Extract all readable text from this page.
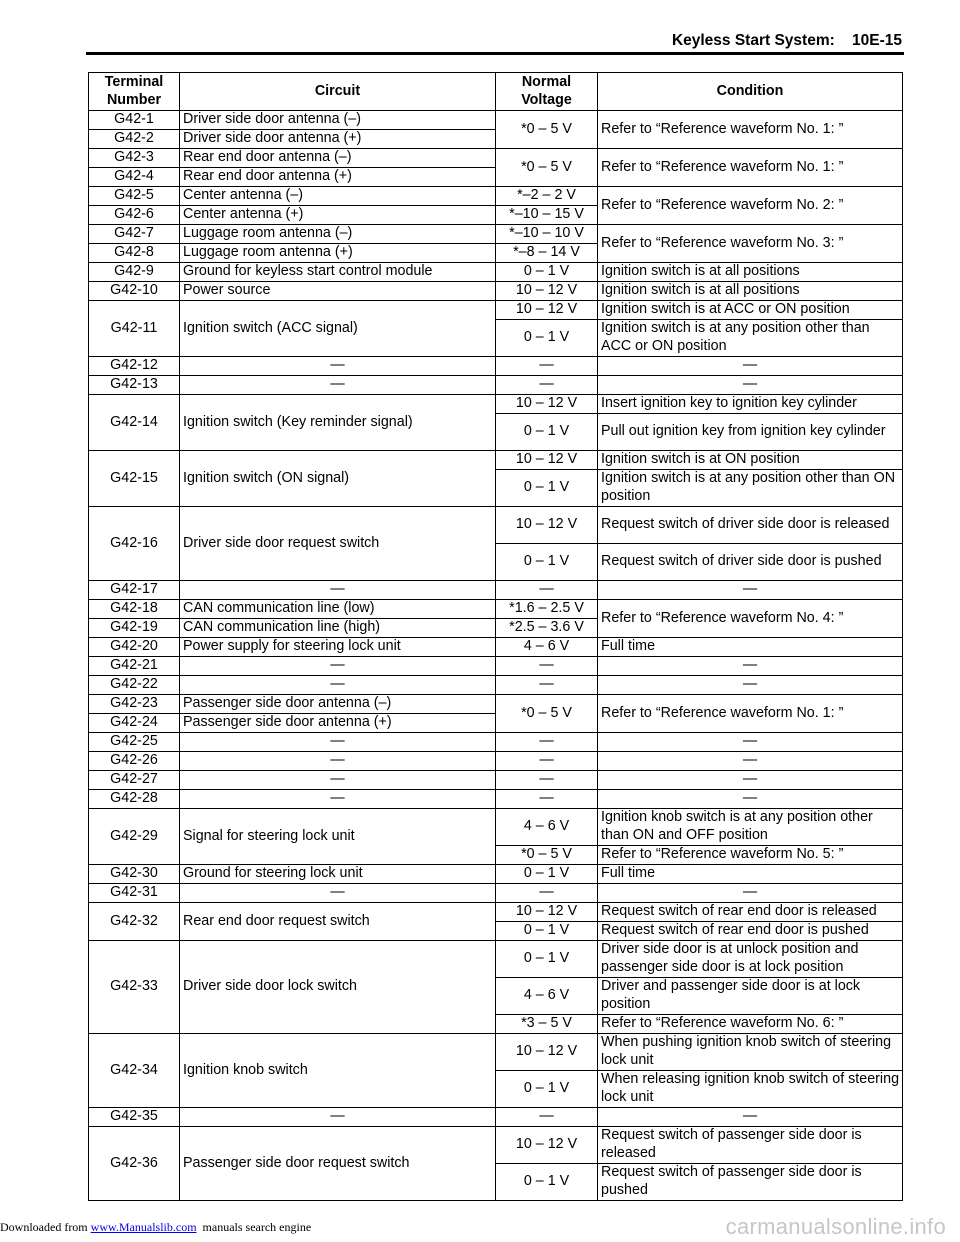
Keyless Start System: 10E-15
Terminal
Number	Circuit	Normal
Voltage	Condition
G42-1	Driver side door antenna (–)	*0 – 5 V	Refer to “Reference waveform No. 1: ”
G42-2	Driver side door antenna (+)		
G42-3	Rear end door antenna (–)	*0 – 5 V	Refer to “Reference waveform No. 1: ”
G42-4	Rear end door antenna (+)		
G42-5	Center antenna (–)	*–2 – 2 V	Refer to “Reference waveform No. 2: ”
G42-6	Center antenna (+)	*–10 – 15 V	
G42-7	Luggage room antenna (–)	*–10 – 10 V	Refer to “Reference waveform No. 3: ”
G42-8	Luggage room antenna (+)	*–8 – 14 V	
G42-9	Ground for keyless start control module	0 – 1 V	Ignition switch is at all positions
G42-10	Power source	10 – 12 V	Ignition switch is at all positions
G42-11	Ignition switch (ACC signal)	10 – 12 V	Ignition switch is at ACC or ON position
		0 – 1 V	Ignition switch is at any position other than ACC or ON position
G42-12	—	—	—
G42-13	—	—	—
G42-14	Ignition switch (Key reminder signal)	10 – 12 V	Insert ignition key to ignition key cylinder
		0 – 1 V	Pull out ignition key from ignition key cylinder
G42-15	Ignition switch (ON signal)	10 – 12 V	Ignition switch is at ON position
		0 – 1 V	Ignition switch is at any position other than ON position
G42-16	Driver side door request switch	10 – 12 V	Request switch of driver side door is released
		0 – 1 V	Request switch of driver side door is pushed
G42-17	—	—	—
G42-18	CAN communication line (low)	*1.6 – 2.5 V	Refer to “Reference waveform No. 4: ”
G42-19	CAN communication line (high)	*2.5 – 3.6 V	
G42-20	Power supply for steering lock unit	4 – 6 V	Full time
G42-21	—	—	—
G42-22	—	—	—
G42-23	Passenger side door antenna (–)	*0 – 5 V	Refer to “Reference waveform No. 1: ”
G42-24	Passenger side door antenna (+)		
G42-25	—	—	—
G42-26	—	—	—
G42-27	—	—	—
G42-28	—	—	—
G42-29	Signal for steering lock unit	4 – 6 V	Ignition knob switch is at any position other than ON and OFF position
		*0 – 5 V	Refer to “Reference waveform No. 5: ”
G42-30	Ground for steering lock unit	0 – 1 V	Full time
G42-31	—	—	—
G42-32	Rear end door request switch	10 – 12 V	Request switch of rear end door is released
		0 – 1 V	Request switch of rear end door is pushed
G42-33	Driver side door lock switch	0 – 1 V	Driver side door is at unlock position and passenger side door is at lock position
		4 – 6 V	Driver and passenger side door is at lock position
		*3 – 5 V	Refer to “Reference waveform No. 6: ”
G42-34	Ignition knob switch	10 – 12 V	When pushing ignition knob switch of steering lock unit
		0 – 1 V	When releasing ignition knob switch of steering lock unit
G42-35	—	—	—
G42-36	Passenger side door request switch	10 – 12 V	Request switch of passenger side door is released
		0 – 1 V	Request switch of passenger side door is pushed
Downloaded from www.Manualslib.com  manuals search engine	carmanualsonline.info
